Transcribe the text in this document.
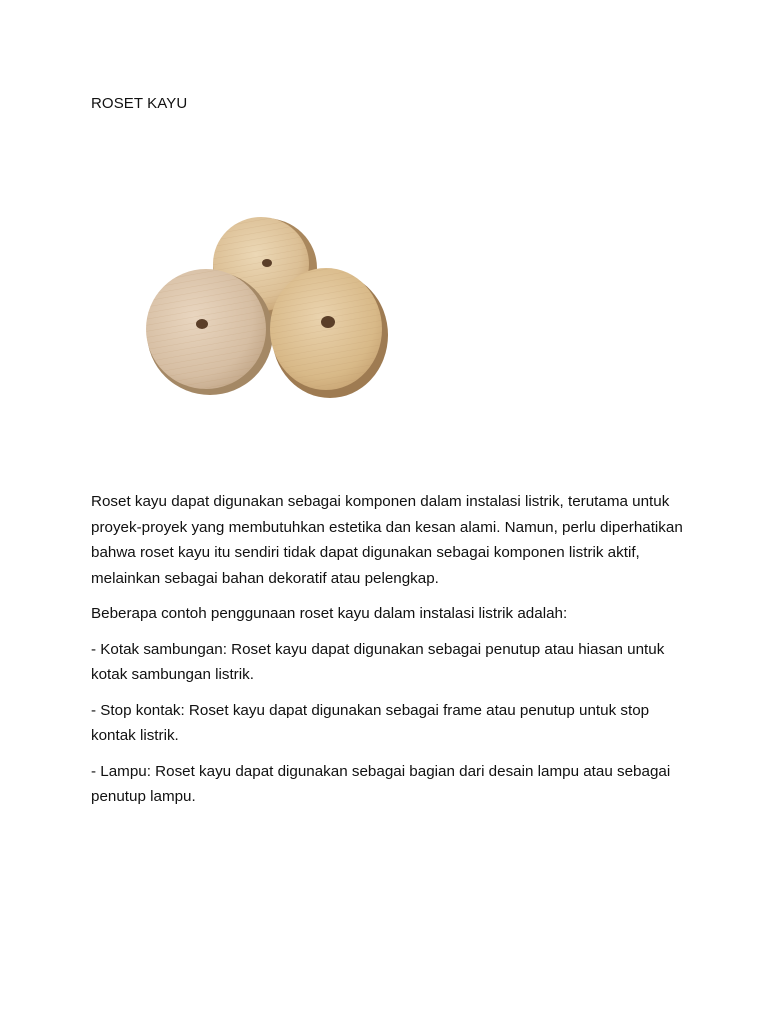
ROSET KAYU

Roset kayu dapat digunakan sebagai komponen dalam instalasi listrik, terutama untuk proyek-proyek yang membutuhkan estetika dan kesan alami. Namun, perlu diperhatikan bahwa roset kayu itu sendiri tidak dapat digunakan sebagai komponen listrik aktif, melainkan sebagai bahan dekoratif atau pelengkap.

Beberapa contoh penggunaan roset kayu dalam instalasi listrik adalah:

- Kotak sambungan: Roset kayu dapat digunakan sebagai penutup atau hiasan untuk kotak sambungan listrik.

- Stop kontak: Roset kayu dapat digunakan sebagai frame atau penutup untuk stop kontak listrik.

- Lampu: Roset kayu dapat digunakan sebagai bagian dari desain lampu atau sebagai penutup lampu.
